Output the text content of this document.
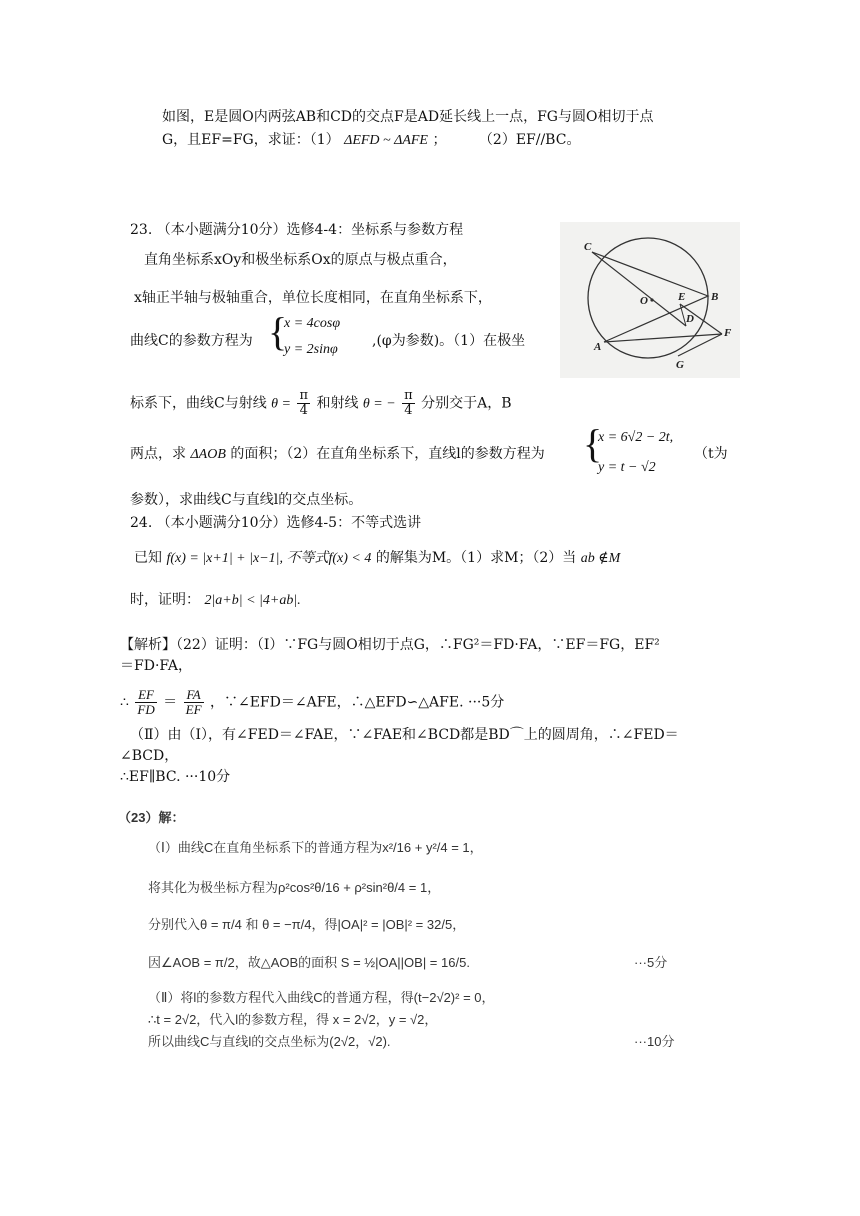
如图，E是圆O内两弦AB和CD的交点F是AD延长线上一点，FG与圆O相切于点
G，且EF=FG，求证：（1） ΔEFD ~ ΔAFE ； （2）EF//BC。
23. （本小题满分10分）选修4-4：坐标系与参数方程
直角坐标系xOy和极坐标系Ox的原点与极点重合，
x轴正半轴与极轴重合，单位长度相同，在直角坐标系下，
曲线C的参数方程为 {
x = 4cosφ
y = 2sinφ
,(φ为参数)。（1）在极坐
标系下，曲线C与射线 $\theta = \frac{\pi}{4}$ 和射线 θ = − $\frac{\pi}{4}$ 分别交于A，B
两点，求 ΔAOB 的面积；（2）在直角坐标系下，直线l的参数方程为 {
x = 6√2 − 2t,
y = t − √2
（t为
参数），求曲线C与直线l的交点坐标。
24. （本小题满分10分）选修4-5：不等式选讲
已知 f(x) = |x+1| + |x−1|, 不等式f(x) < 4 的解集为M。（1）求M；（2）当 ab ∉M
时，证明： 2|a+b| < |4+ab|.
【解析】（22）证明：（Ⅰ）∵FG与圆O相切于点G，∴FG²＝FD·FA，∵EF＝FG，EF²
＝FD·FA，
∴ $\frac{EF}{FD} = \frac{FA}{EF}$ ，∵∠EFD＝∠AFE，∴△EFD∽△AFE. ···5分
（Ⅱ）由（Ⅰ），有∠FED＝∠FAE，∵∠FAE和∠BCD都是BD⌒上的圆周角，∴∠FED＝
∠BCD，
∴EF∥BC. ···10分
（23）解：
（Ⅰ）曲线C在直角坐标系下的普通方程为x²/16 + y²/4 = 1，
将其化为极坐标方程为ρ²cos²θ/16 + ρ²sin²θ/4 = 1，
分别代入θ = π/4 和 θ = −π/4，得|OA|² = |OB|² = 32/5，
因∠AOB = π/2，故△AOB的面积 S = ½|OA||OB| = 16/5.	···5分
（Ⅱ）将l的参数方程代入曲线C的普通方程，得(t−2√2)² = 0，
∴t = 2√2，代入l的参数方程，得 x = 2√2，y = √2，
所以曲线C与直线l的交点坐标为(2√2，√2).	···10分
C
O	E B
D
F
A
G
